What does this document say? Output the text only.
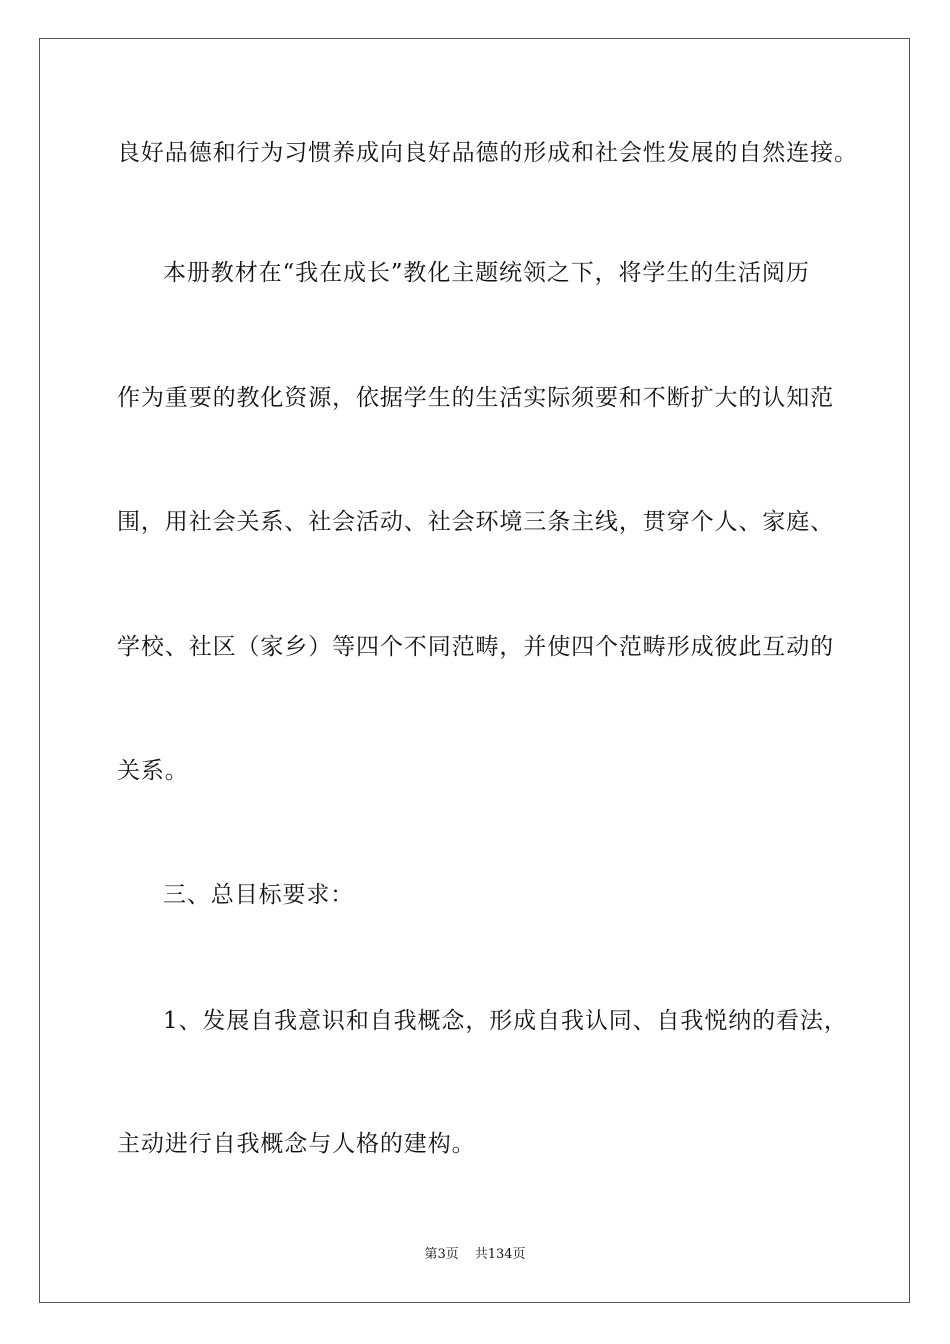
良好品德和行为习惯养成向良好品德的形成和社会性发展的自然连接。
本册教材在“我在成长”教化主题统领之下，将学生的生活阅历
作为重要的教化资源，依据学生的生活实际须要和不断扩大的认知范
围，用社会关系、社会活动、社会环境三条主线，贯穿个人、家庭、
学校、社区（家乡）等四个不同范畴，并使四个范畴形成彼此互动的
关系。
三、总目标要求：
1、发展自我意识和自我概念，形成自我认同、自我悦纳的看法，
主动进行自我概念与人格的建构。
第3页 共134页
